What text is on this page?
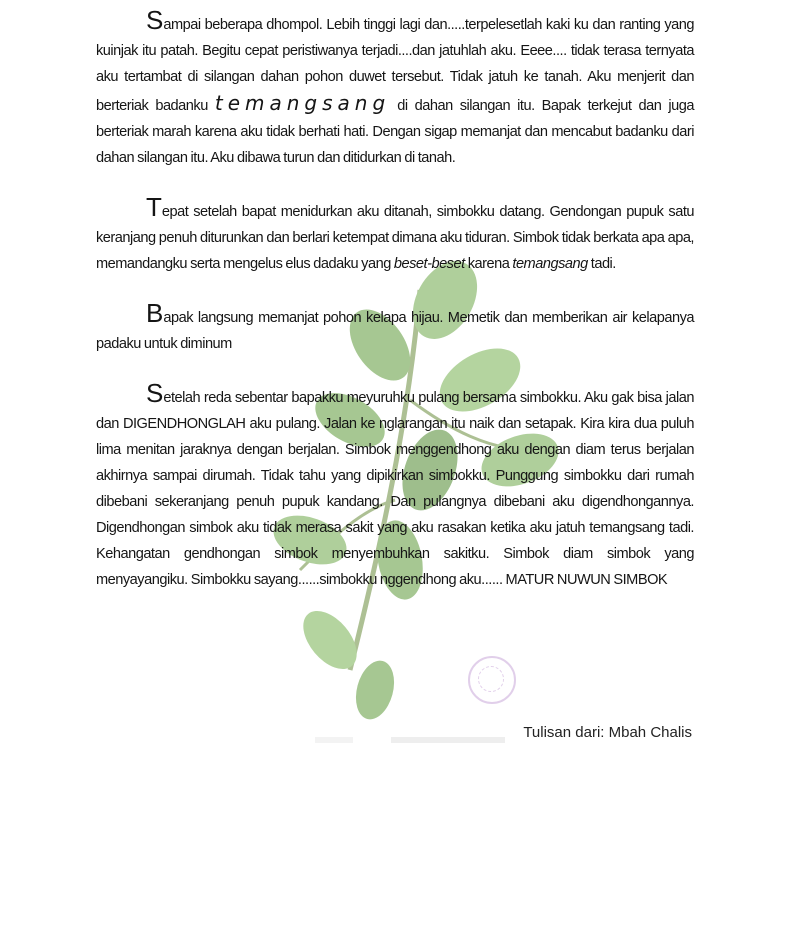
Sampai beberapa dhompol. Lebih tinggi lagi dan.....terpelesetlah kaki ku dan ranting yang kuinjak itu patah. Begitu cepat peristiwanya terjadi....dan jatuhlah aku. Eeee.... tidak terasa ternyata aku tertambat di silangan dahan pohon duwet tersebut. Tidak jatuh ke tanah. Aku menjerit dan berteriak badanku temangsang di dahan silangan itu. Bapak terkejut dan juga berteriak marah karena aku tidak berhati hati. Dengan sigap memanjat dan mencabut badanku dari dahan silangan itu. Aku dibawa turun dan ditidurkan di tanah.

Tepat setelah bapat menidurkan aku ditanah, simbokku datang. Gendongan pupuk satu keranjang penuh diturunkan dan berlari ketempat dimana aku tiduran. Simbok tidak berkata apa apa, memandangku serta mengelus elus dadaku yang beset-beset karena temangsang tadi.

Bapak langsung memanjat pohon kelapa hijau. Memetik dan memberikan air kelapanya padaku untuk diminum

Setelah reda sebentar bapakku meyuruhku pulang bersama simbokku. Aku gak bisa jalan dan DIGENDHONGLAH aku pulang. Jalan ke nglarangan itu naik dan setapak. Kira kira dua puluh lima menitan jaraknya dengan berjalan. Simbok menggendhong aku dengan diam terus berjalan akhirnya sampai dirumah. Tidak tahu yang dipikirkan simbokku. Punggung simbokku dari rumah dibebani sekeranjang penuh pupuk kandang. Dan pulangnya dibebani aku digendhongannya. Digendhongan simbok aku tidak merasa sakit yang aku rasakan ketika aku jatuh temangsang tadi. Kehangatan gendhongan simbok menyembuhkan sakitku. Simbok diam simbok yang menyayangiku. Simbokku sayang......simbokku nggendhong aku...... MATUR NUWUN SIMBOK

Tulisan dari: Mbah Chalis
